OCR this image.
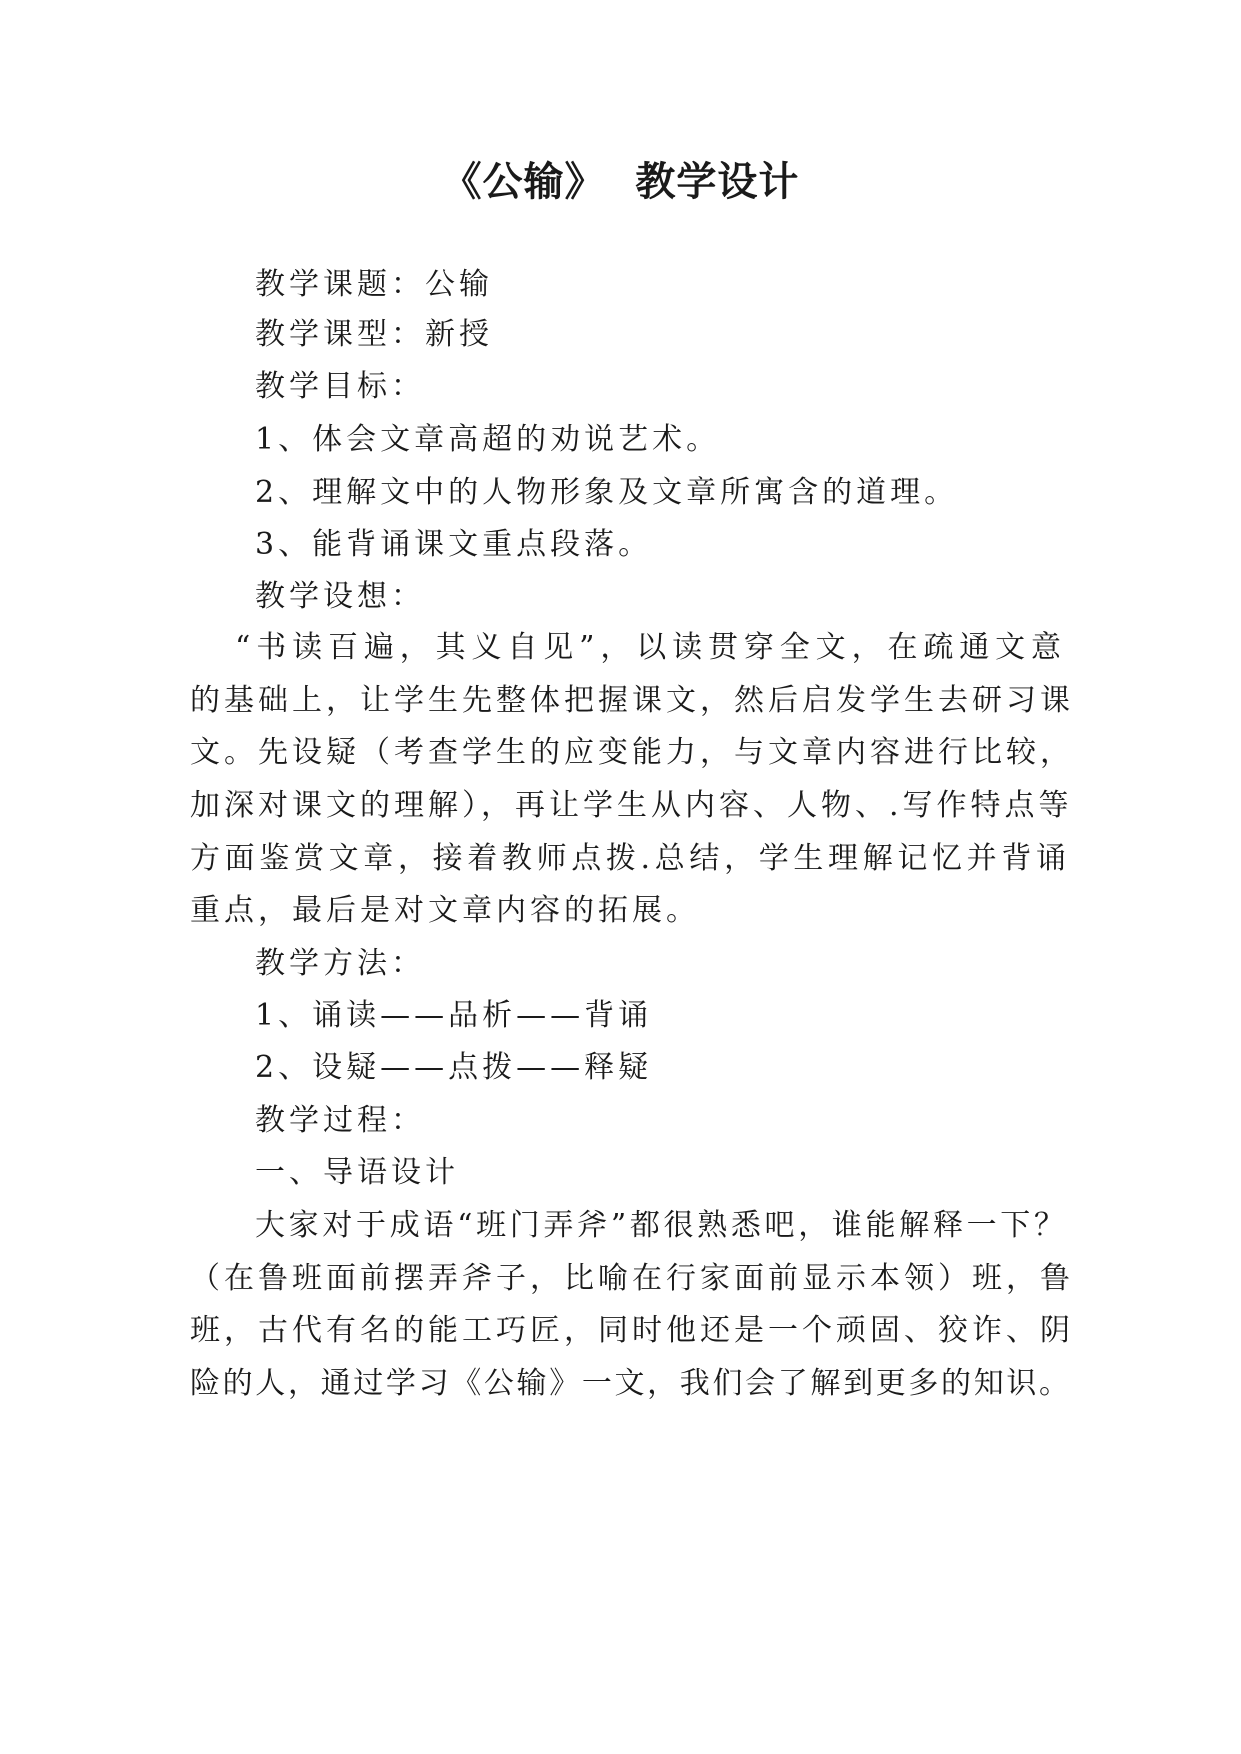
《公输》  教学设计
教学课题：公输
教学课型：新授
教学目标：
1、体会文章高超的劝说艺术。
2、理解文中的人物形象及文章所寓含的道理。
3、能背诵课文重点段落。
教学设想：
“书读百遍，其义自见”，以读贯穿全文，在疏通文意
的基础上，让学生先整体把握课文，然后启发学生去研习课
文。先设疑（考查学生的应变能力，与文章内容进行比较，
加深对课文的理解），再让学生从内容、人物、.写作特点等
方面鉴赏文章，接着教师点拨.总结，学生理解记忆并背诵
重点，最后是对文章内容的拓展。
教学方法：
1、诵读——品析——背诵
2、设疑——点拨——释疑
教学过程：
一、导语设计
大家对于成语“班门弄斧”都很熟悉吧，谁能解释一下？
（在鲁班面前摆弄斧子，比喻在行家面前显示本领）班，鲁
班，古代有名的能工巧匠，同时他还是一个顽固、狡诈、阴
险的人，通过学习《公输》一文，我们会了解到更多的知识。
